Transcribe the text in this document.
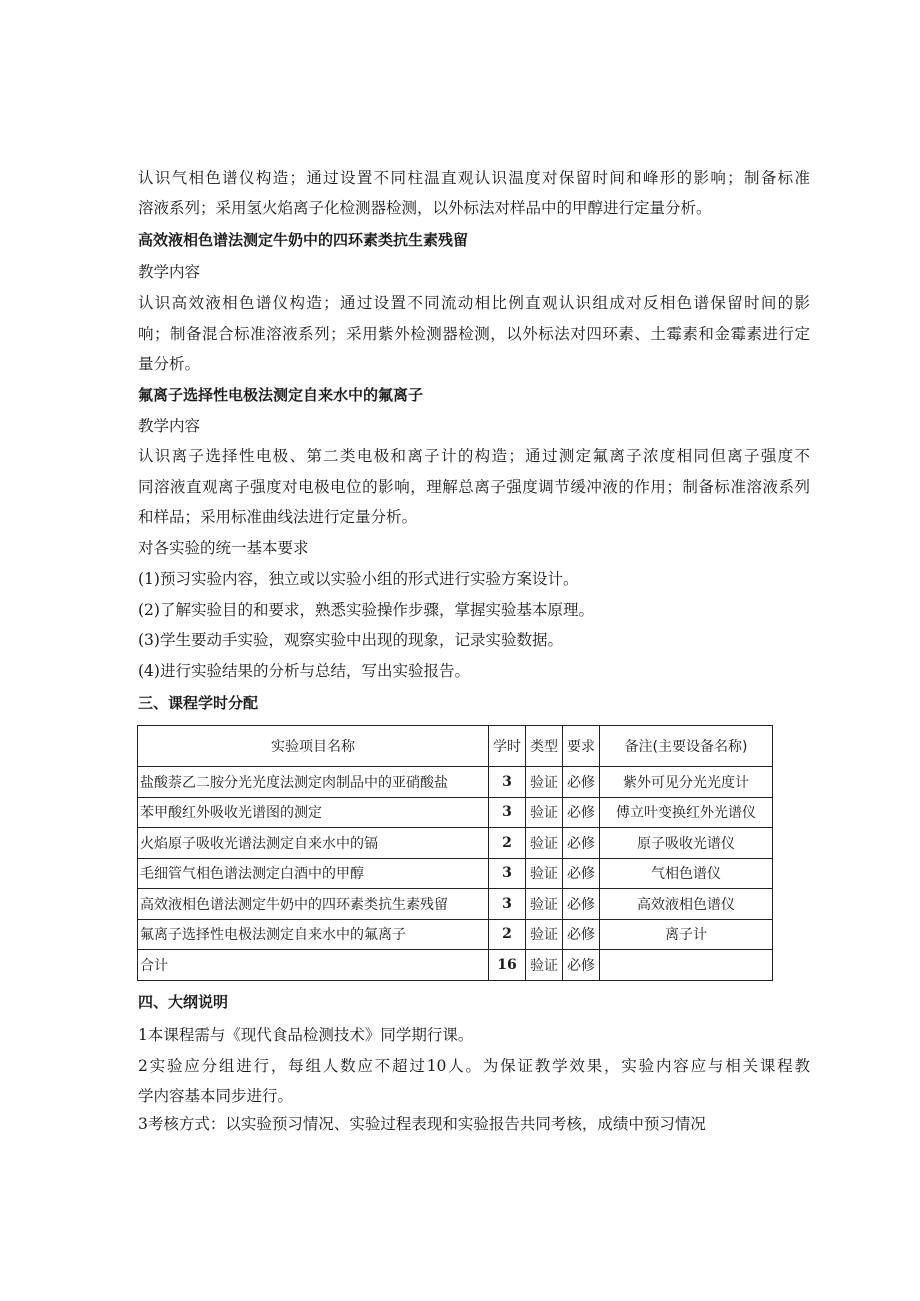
认识气相色谱仪构造；通过设置不同柱温直观认识温度对保留时间和峰形的影响；制备标准
溶液系列；采用氢火焰离子化检测器检测，以外标法对样品中的甲醇进行定量分析。
高效液相色谱法测定牛奶中的四环素类抗生素残留
教学内容
认识高效液相色谱仪构造；通过设置不同流动相比例直观认识组成对反相色谱保留时间的影
响；制备混合标准溶液系列；采用紫外检测器检测，以外标法对四环素、土霉素和金霉素进行定
量分析。
氟离子选择性电极法测定自来水中的氟离子
教学内容
认识离子选择性电极、第二类电极和离子计的构造；通过测定氟离子浓度相同但离子强度不
同溶液直观离子强度对电极电位的影响，理解总离子强度调节缓冲液的作用；制备标准溶液系列
和样品；采用标准曲线法进行定量分析。
对各实验的统一基本要求
(1)预习实验内容，独立或以实验小组的形式进行实验方案设计。
(2)了解实验目的和要求，熟悉实验操作步骤，掌握实验基本原理。
(3)学生要动手实验，观察实验中出现的现象，记录实验数据。
(4)进行实验结果的分析与总结，写出实验报告。
三、课程学时分配
实验项目名称	学时	类型	要求	备注(主要设备名称)
盐酸萘乙二胺分光光度法测定肉制品中的亚硝酸盐	3	验证	必修	紫外可见分光光度计
苯甲酸红外吸收光谱图的测定	3	验证	必修	傅立叶变换红外光谱仪
火焰原子吸收光谱法测定自来水中的镉	2	验证	必修	原子吸收光谱仪
毛细管气相色谱法测定白酒中的甲醇	3	验证	必修	气相色谱仪
高效液相色谱法测定牛奶中的四环素类抗生素残留	3	验证	必修	高效液相色谱仪
氟离子选择性电极法测定自来水中的氟离子	2	验证	必修	离子计
合计	16	验证	必修	
四、大纲说明
1本课程需与《现代食品检测技术》同学期行课。
2实验应分组进行，每组人数应不超过10人。为保证教学效果，实验内容应与相关课程教
学内容基本同步进行。
3考核方式：以实验预习情况、实验过程表现和实验报告共同考核，成绩中预习情况
